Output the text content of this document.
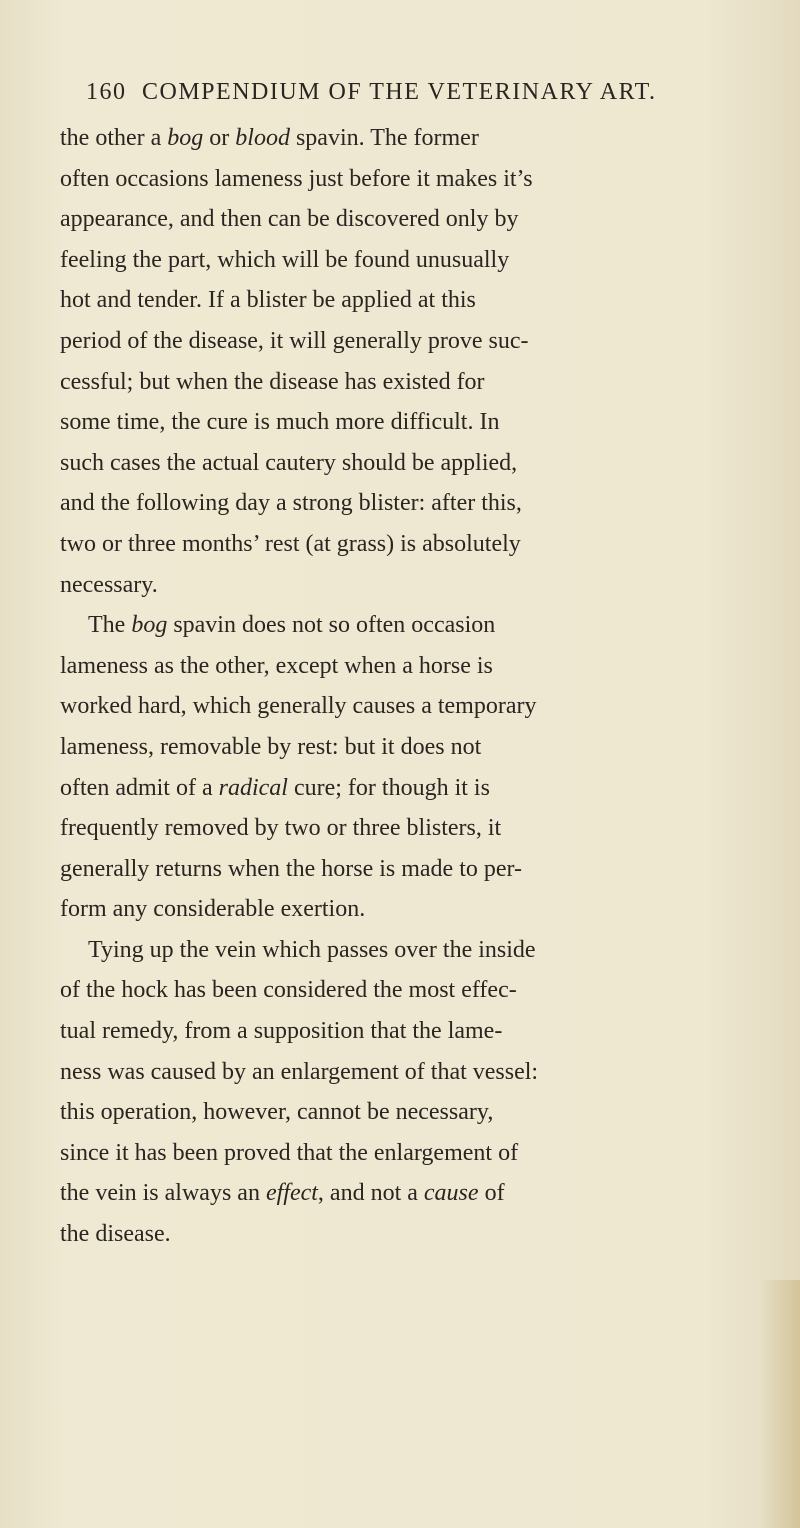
160 COMPENDIUM OF THE VETERINARY ART.
the other a bog or blood spavin. The former
often occasions lameness just before it makes it’s
appearance, and then can be discovered only by
feeling the part, which will be found unusually
hot and tender. If a blister be applied at this
period of the disease, it will generally prove suc-
cessful; but when the disease has existed for
some time, the cure is much more difficult. In
such cases the actual cautery should be applied,
and the following day a strong blister: after this,
two or three months’ rest (at grass) is absolutely
necessary.
The bog spavin does not so often occasion
lameness as the other, except when a horse is
worked hard, which generally causes a temporary
lameness, removable by rest: but it does not
often admit of a radical cure; for though it is
frequently removed by two or three blisters, it
generally returns when the horse is made to per-
form any considerable exertion.
Tying up the vein which passes over the inside
of the hock has been considered the most effec-
tual remedy, from a supposition that the lame-
ness was caused by an enlargement of that vessel:
this operation, however, cannot be necessary,
since it has been proved that the enlargement of
the vein is always an effect, and not a cause of
the disease.
